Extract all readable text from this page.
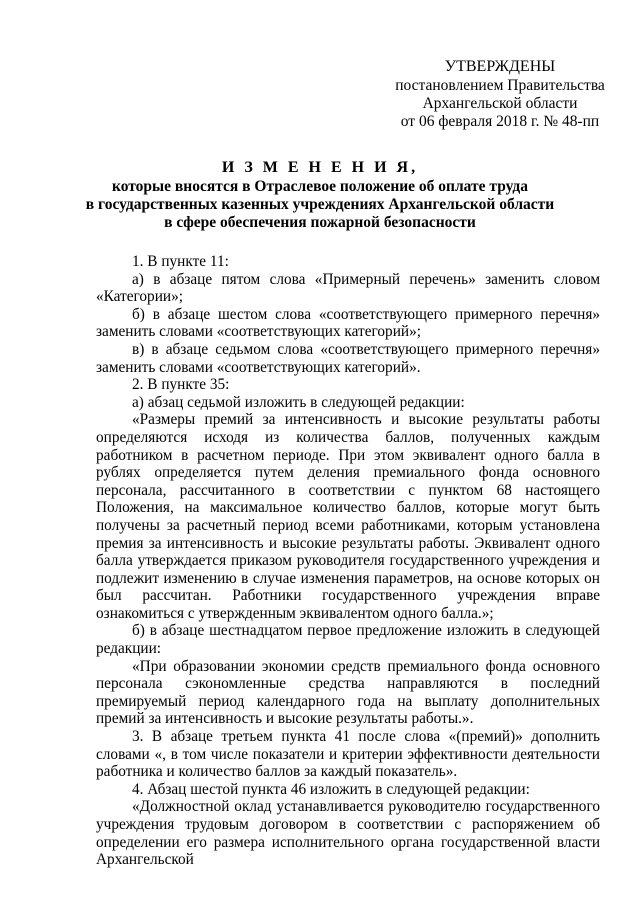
УТВЕРЖДЕНЫ
постановлением Правительства
Архангельской области
от 06 февраля 2018 г. № 48-пп
И З М Е Н Е Н И Я,
которые вносятся в Отраслевое положение об оплате труда
в государственных казенных учреждениях Архангельской области
в сфере обеспечения пожарной безопасности

1. В пункте 11:

а) в абзаце пятом слова «Примерный перечень» заменить словом «Категории»;

б) в абзаце шестом слова «соответствующего примерного перечня» заменить словами «соответствующих категорий»;

в) в абзаце седьмом слова «соответствующего примерного перечня» заменить словами «соответствующих категорий».

2. В пункте 35:

а) абзац седьмой изложить в следующей редакции:

«Размеры премий за интенсивность и высокие результаты работы определяются исходя из количества баллов, полученных каждым работником в расчетном периоде. При этом эквивалент одного балла в рублях определяется путем деления премиального фонда основного персонала, рассчитанного в соответствии с пунктом 68 настоящего Положения, на максимальное количество баллов, которые могут быть получены за расчетный период всеми работниками, которым установлена премия за интенсивность и высокие результаты работы. Эквивалент одного балла утверждается приказом руководителя государственного учреждения и подлежит изменению в случае изменения параметров, на основе которых он был рассчитан. Работники государственного учреждения вправе ознакомиться с утвержденным эквивалентом одного балла.»;

б) в абзаце шестнадцатом первое предложение изложить в следующей редакции:

«При образовании экономии средств премиального фонда основного персонала сэкономленные средства направляются в последний премируемый период календарного года на выплату дополнительных премий за интенсивность и высокие результаты работы.».

3. В абзаце третьем пункта 41 после слова «(премий)» дополнить словами «, в том числе показатели и критерии эффективности деятельности работника и количество баллов за каждый показатель».

4. Абзац шестой пункта 46 изложить в следующей редакции:

«Должностной оклад устанавливается руководителю государственного учреждения трудовым договором в соответствии с распоряжением об определении его размера исполнительного органа государственной власти Архангельской
